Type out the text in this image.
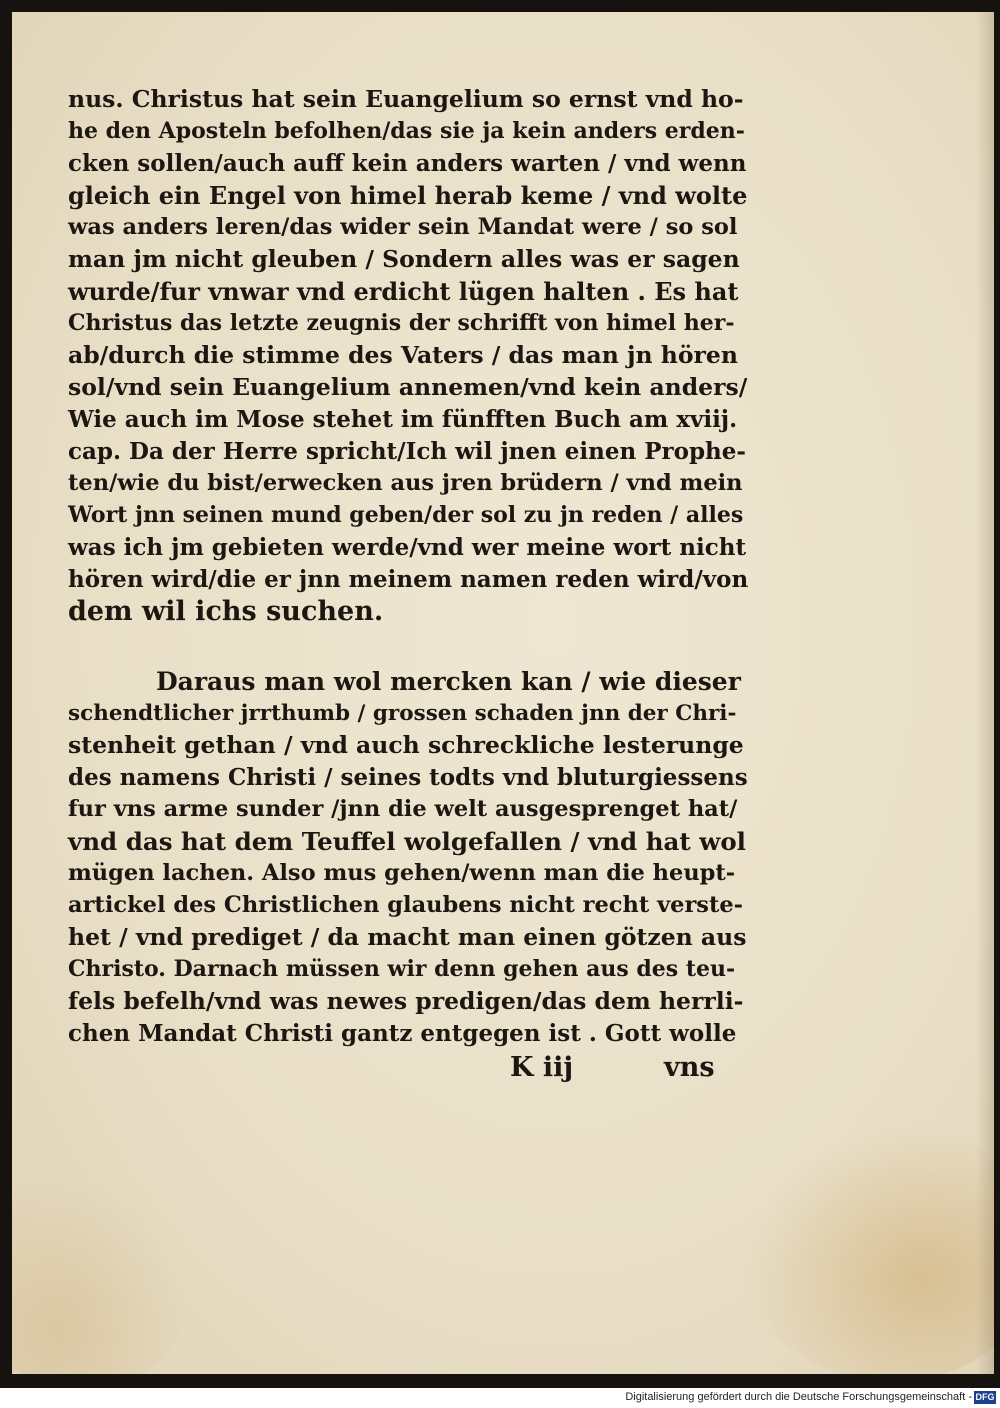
nus. Christus hat sein Euangelium so ernst vnd ho-
he den Aposteln befolhen/das sie ja kein anders erden-
cken sollen/auch auff kein anders warten / vnd wenn
gleich ein Engel von himel herab keme / vnd wolte
was anders leren/das wider sein Mandat were / so sol
man jm nicht gleuben / Sondern alles was er sagen
wurde/fur vnwar vnd erdicht lügen halten . Es hat
Christus das letzte zeugnis der schrifft von himel her-
ab/durch die stimme des Vaters / das man jn hören
sol/vnd sein Euangelium annemen/vnd kein anders/
Wie auch im Mose stehet im fünfften Buch am xviij.
cap. Da der Herre spricht/Ich wil jnen einen Prophe-
ten/wie du bist/erwecken aus jren brüdern / vnd mein
Wort jnn seinen mund geben/der sol zu jn reden / alles
was ich jm gebieten werde/vnd wer meine wort nicht
hören wird/die er jnn meinem namen reden wird/von
dem wil ichs suchen.
Daraus man wol mercken kan / wie dieser
schendtlicher jrrthumb / grossen schaden jnn der Chri-
stenheit gethan / vnd auch schreckliche lesterunge
des namens Christi / seines todts vnd bluturgiessens
fur vns arme sunder /jnn die welt ausgesprenget hat/
vnd das hat dem Teuffel wolgefallen / vnd hat wol
mügen lachen. Also mus gehen/wenn man die heupt-
artickel des Christlichen glaubens nicht recht verste-
het / vnd prediget / da macht man einen götzen aus
Christo. Darnach müssen wir denn gehen aus des teu-
fels befelh/vnd was newes predigen/das dem herrli-
chen Mandat Christi gantz entgegen ist . Gott wolle
K iij	vns
Digitalisierung gefördert durch die Deutsche Forschungsgemeinschaft - DFG
